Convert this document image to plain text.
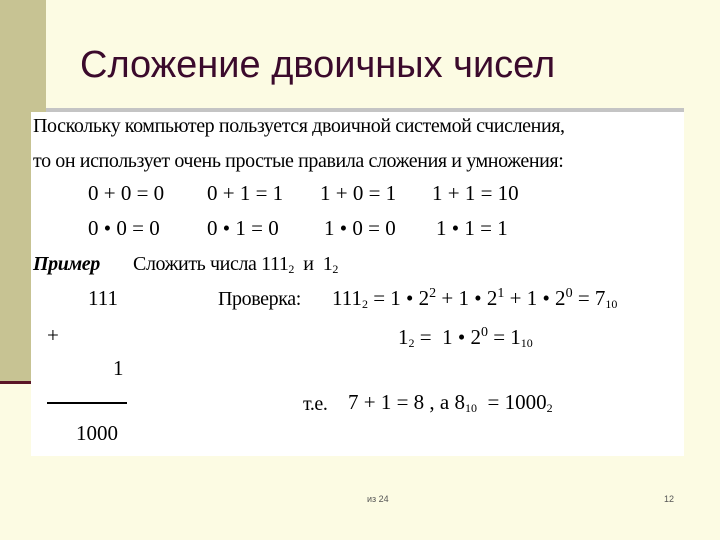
Сложение двоичных чисел
Поскольку компьютер пользуется двоичной системой счисления,
то он использует очень простые правила сложения и умножения:
0 + 0 = 0 0 + 1 = 1 1 + 0 = 1 1 + 1 = 10
0 • 0 = 0 0 • 1 = 0 1 • 0 = 0 1 • 1 = 1
Пример Сложить числа $111_2$ и $1_2$
111
+
1
1000
Проверка: $111_2 = 1$ • $2^2 + 1$ • $2^1 + 1$ • $2^0 = 7_{10}$
$1_2 = 1$ • $2^0 = 1_{10}$
т.е. 7 + 1 = 8 , а $8_{10} = 1000_2$
из 24	12
